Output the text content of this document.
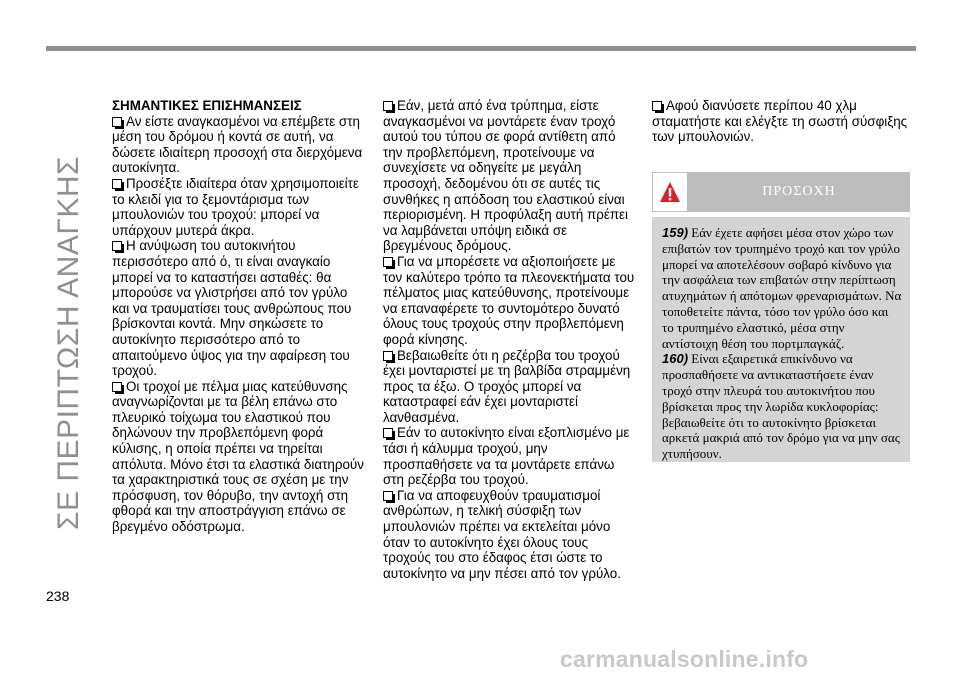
ΣΕ ΠΕΡΙΠΤΩΣΗ ΑΝΑΓΚΗΣ

ΣΗΜΑΝΤΙΚΕΣ ΕΠΙΣΗΜΑΝΣΕΙΣ

Αν είστε αναγκασμένοι να επέμβετε στη μέση του δρόμου ή κοντά σε αυτή, να δώσετε ιδιαίτερη προσοχή στα διερχόμενα αυτοκίνητα.

Προσέξτε ιδιαίτερα όταν χρησιμοποιείτε το κλειδί για το ξεμοντάρισμα των μπουλονιών του τροχού: μπορεί να υπάρχουν μυτερά άκρα.

Η ανύψωση του αυτοκινήτου περισσότερο από ό, τι είναι αναγκαίο μπορεί να το καταστήσει ασταθές: θα μπορούσε να γλιστρήσει από τον γρύλο και να τραυματίσει τους ανθρώπους που βρίσκονται κοντά. Μην σηκώσετε το αυτοκίνητο περισσότερο από το απαιτούμενο ύψος για την αφαίρεση του τροχού.

Οι τροχοί με πέλμα μιας κατεύθυνσης αναγνωρίζονται με τα βέλη επάνω στο πλευρικό τοίχωμα του ελαστικού που δηλώνουν την προβλεπόμενη φορά κύλισης, η οποία πρέπει να τηρείται απόλυτα. Μόνο έτσι τα ελαστικά διατηρούν τα χαρακτηριστικά τους σε σχέση με την πρόσφυση, τον θόρυβο, την αντοχή στη φθορά και την αποστράγγιση επάνω σε βρεγμένο οδόστρωμα.

Εάν, μετά από ένα τρύπημα, είστε αναγκασμένοι να μοντάρετε έναν τροχό αυτού του τύπου σε φορά αντίθετη από την προβλεπόμενη, προτείνουμε να συνεχίσετε να οδηγείτε με μεγάλη προσοχή, δεδομένου ότι σε αυτές τις συνθήκες η απόδοση του ελαστικού είναι περιορισμένη. Η προφύλαξη αυτή πρέπει να λαμβάνεται υπόψη ειδικά σε βρεγμένους δρόμους.

Για να μπορέσετε να αξιοποιήσετε με τον καλύτερο τρόπο τα πλεονεκτήματα του πέλματος μιας κατεύθυνσης, προτείνουμε να επαναφέρετε το συντομότερο δυνατό όλους τους τροχούς στην προβλεπόμενη φορά κίνησης.

Βεβαιωθείτε ότι η ρεζέρβα του τροχού έχει μονταριστεί με τη βαλβίδα στραμμένη προς τα έξω. Ο τροχός μπορεί να καταστραφεί εάν έχει μονταριστεί λανθασμένα.

Εάν το αυτοκίνητο είναι εξοπλισμένο με τάσι ή κάλυμμα τροχού, μην προσπαθήσετε να τα μοντάρετε επάνω στη ρεζέρβα του τροχού.

Για να αποφευχθούν τραυματισμοί ανθρώπων, η τελική σύσφιξη των μπουλονιών πρέπει να εκτελείται μόνο όταν το αυτοκίνητο έχει όλους τους τροχούς του στο έδαφος έτσι ώστε το αυτοκίνητο να μην πέσει από τον γρύλο.

Αφού διανύσετε περίπου 40 χλμ σταματήστε και ελέγξτε τη σωστή σύσφιξης των μπουλονιών.

ΠΡΟΣΟΧΗ

159) Εάν έχετε αφήσει μέσα στον χώρο των επιβατών τον τρυπημένο τροχό και τον γρύλο μπορεί να αποτελέσουν σοβαρό κίνδυνο για την ασφάλεια των επιβατών στην περίπτωση ατυχημάτων ή απότομων φρεναρισμάτων. Να τοποθετείτε πάντα, τόσο τον γρύλο όσο και το τρυπημένο ελαστικό, μέσα στην αντίστοιχη θέση του πορτμπαγκάζ.

160) Είναι εξαιρετικά επικίνδυνο να προσπαθήσετε να αντικαταστήσετε έναν τροχό στην πλευρά του αυτοκινήτου που βρίσκεται προς την λωρίδα κυκλοφορίας: βεβαιωθείτε ότι το αυτοκίνητο βρίσκεται αρκετά μακριά από τον δρόμο για να μην σας χτυπήσουν.

238
carmanualsonline.info
